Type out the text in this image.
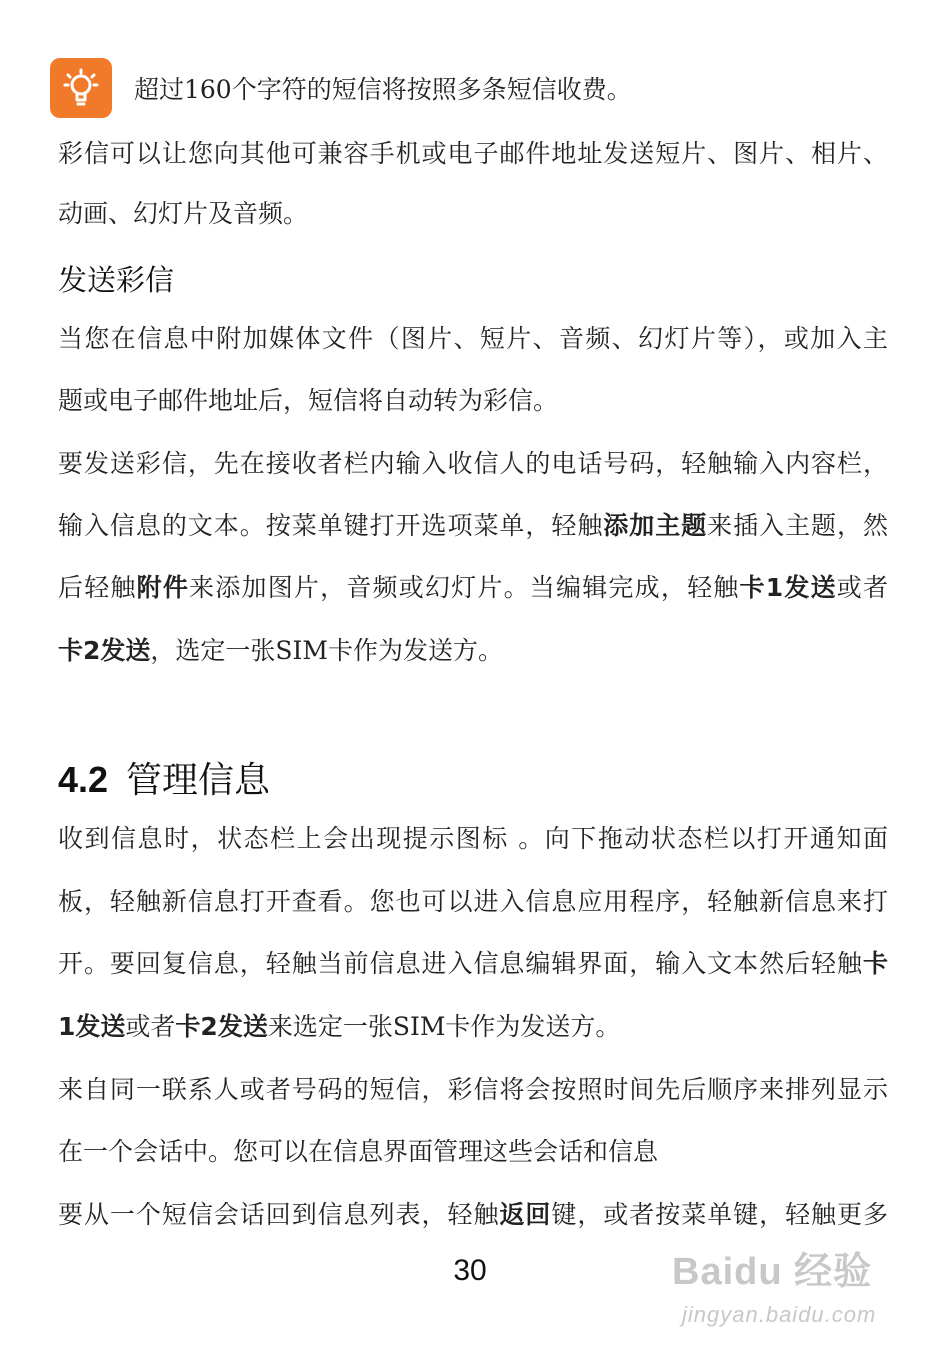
超过160个字符的短信将按照多条短信收费。
彩信可以让您向其他可兼容手机或电子邮件地址发送短片、图片、相片、
动画、幻灯片及音频。
发送彩信
当您在信息中附加媒体文件（图片、短片、音频、幻灯片等），或加入主
题或电子邮件地址后，短信将自动转为彩信。
要发送彩信，先在接收者栏内输入收信人的电话号码，轻触输入内容栏，
输入信息的文本。按菜单键打开选项菜单，轻触添加主题来插入主题，然
后轻触附件来添加图片，音频或幻灯片。当编辑完成，轻触卡1发送或者
卡2发送，选定一张SIM卡作为发送方。
4.2 管理信息
收到信息时，状态栏上会出现提示图标 。向下拖动状态栏以打开通知面
板，轻触新信息打开查看。您也可以进入信息应用程序，轻触新信息来打
开。要回复信息，轻触当前信息进入信息编辑界面，输入文本然后轻触卡
1发送或者卡2发送来选定一张SIM卡作为发送方。
来自同一联系人或者号码的短信，彩信将会按照时间先后顺序来排列显示
在一个会话中。您可以在信息界面管理这些会话和信息
要从一个短信会话回到信息列表，轻触返回键，或者按菜单键，轻触更多
30	Baidu 经验
jingyan.baidu.com
